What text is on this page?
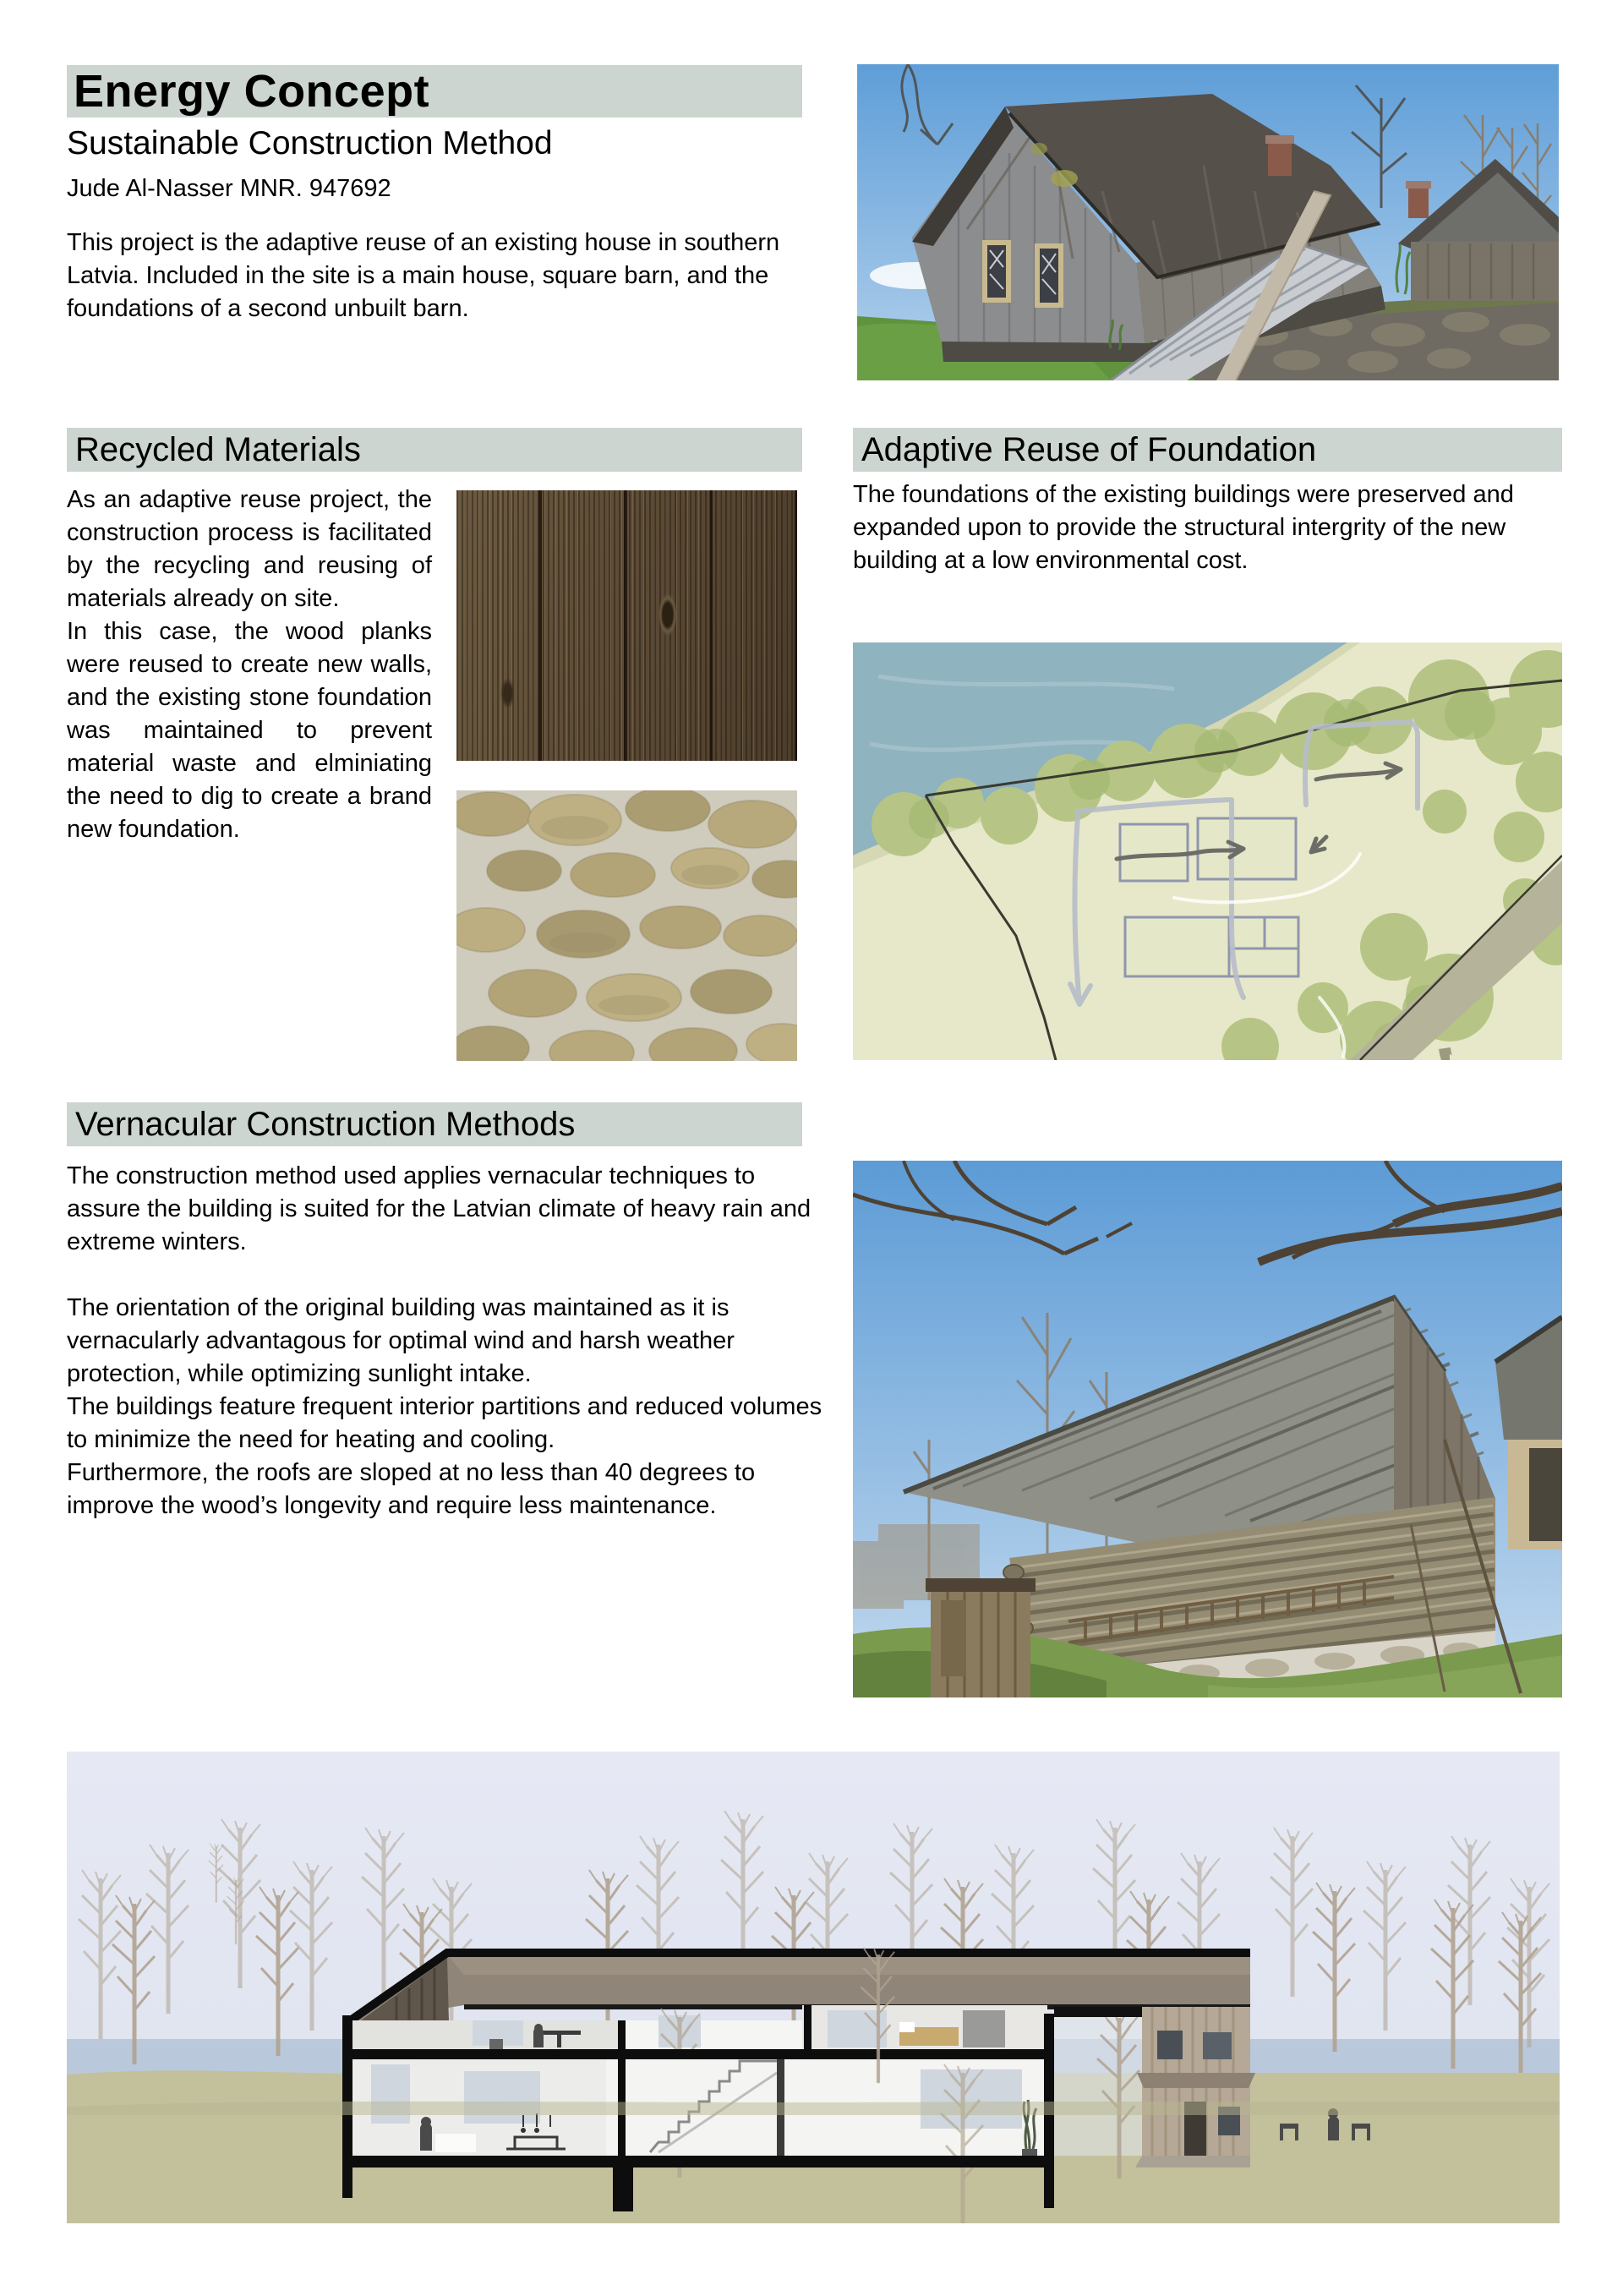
Energy Concept
Sustainable Construction Method
Jude Al-Nasser MNR. 947692
This project is the adaptive reuse of an existing house in southern Latvia. Included in the site is a main house, square barn, and the foundations of a second unbuilt barn.
Recycled Materials

As an adaptive reuse project, the construction process is facilitated by the recycling and reusing of materials already on site.

In this case, the wood planks were reused to create new walls, and the existing stone foundation was maintained to prevent material waste and elminiating the need to dig to create a brand new foundation.

Adaptive Reuse of Foundation
The foundations of the existing buildings were preserved and expanded upon to provide the structural intergrity of the new building at a low environmental cost.
Vernacular Construction Methods

The construction method used applies vernacular techniques to assure the building is suited for the Latvian climate of heavy rain and extreme winters.

The orientation of the original building was maintained as it is vernacularly advantagous for optimal wind and harsh weather protection, while optimizing sunlight intake.

The buildings feature frequent interior partitions and reduced volumes to minimize the need for heating and cooling.

Furthermore, the roofs are sloped at no less than 40 degrees to improve the wood’s longevity and require less maintenance.
